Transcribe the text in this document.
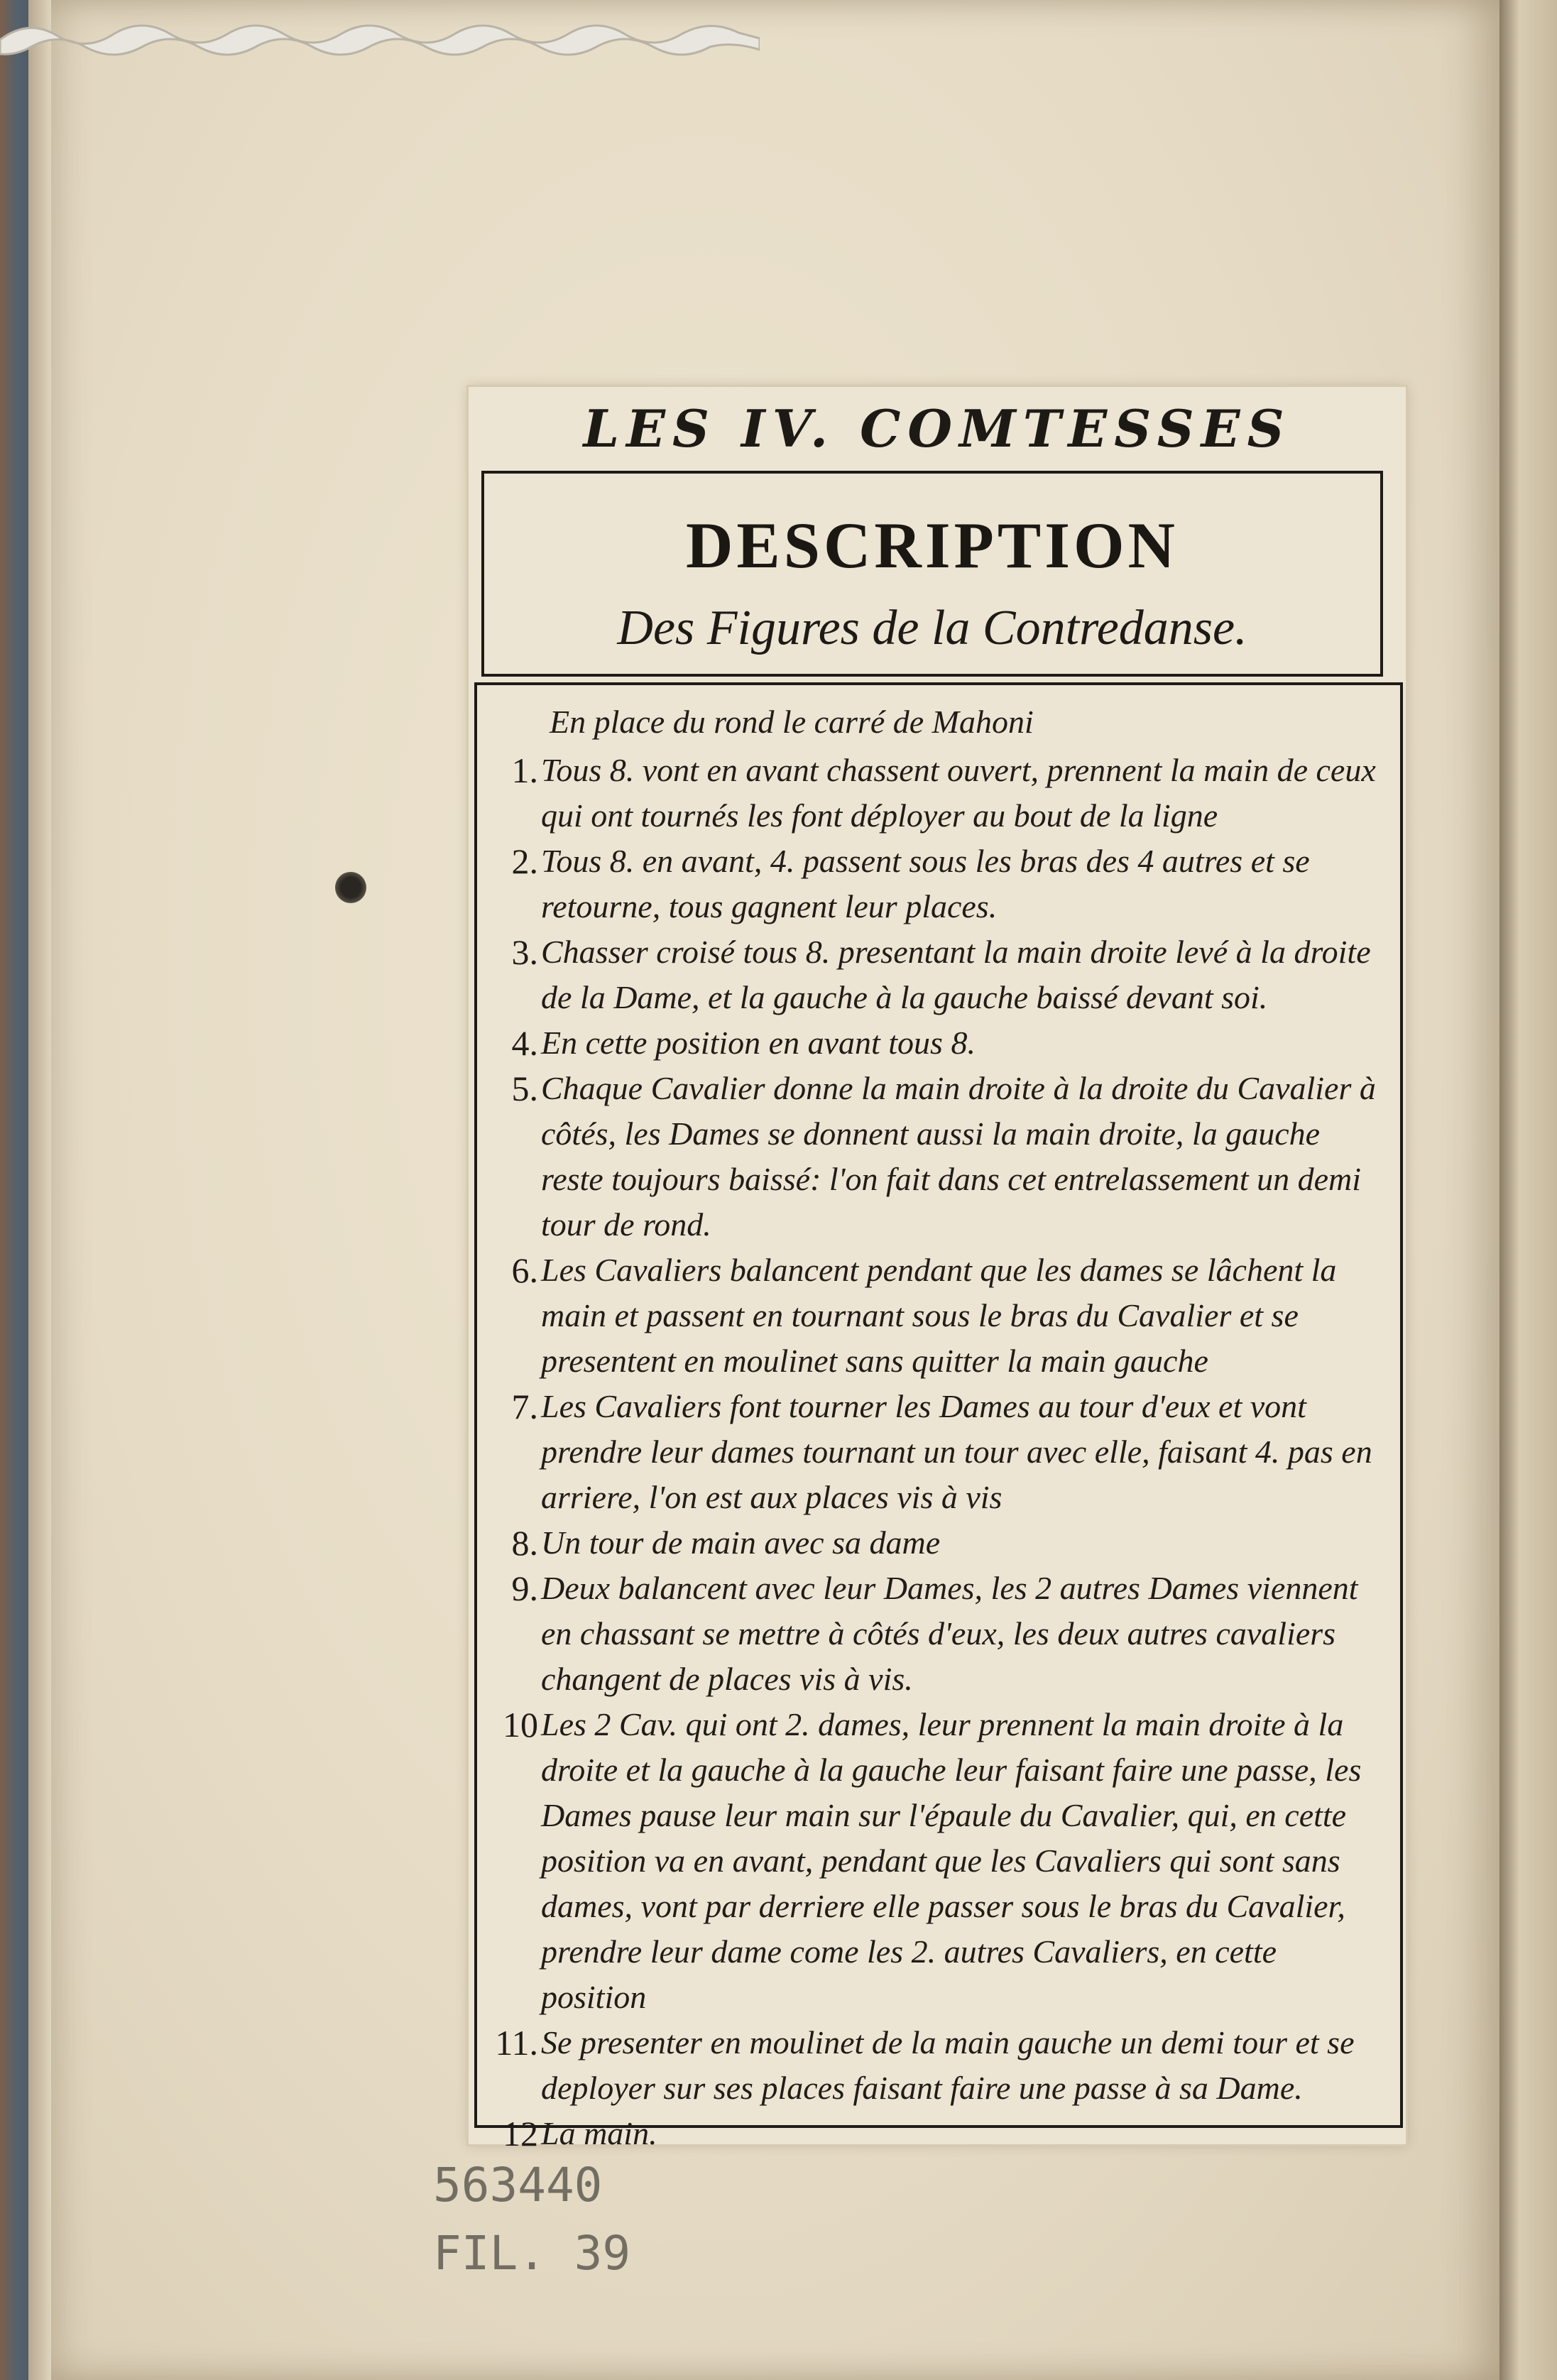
LES IV. COMTESSES
DESCRIPTION
Des Figures de la Contredanse.
En place du rond le carré de Mahoni
1. Tous 8. vont en avant chassent ouvert, prennent la main de ceux qui ont tournés les font déployer au bout de la ligne
2. Tous 8. en avant, 4. passent sous les bras des 4 autres et se retourne, tous gagnent leur places.
3. Chasser croisé tous 8. presentant la main droite levé à la droite de la Dame, et la gauche à la gauche baissé devant soi.
4. En cette position en avant tous 8.
5. Chaque Cavalier donne la main droite à la droite du Cavalier à côtés, les Dames se donnent aussi la main droite, la gauche reste toujours baissé: l'on fait dans cet entrelassement un demi tour de rond.
6. Les Cavaliers balancent pendant que les dames se lâchent la main et passent en tournant sous le bras du Cavalier et se presentent en moulinet sans quitter la main gauche
7. Les Cavaliers font tourner les Dames au tour d'eux et vont prendre leur dames tournant un tour avec elle, faisant 4. pas en arriere, l'on est aux places vis à vis
8. Un tour de main avec sa dame
9. Deux balancent avec leur Dames, les 2 autres Dames viennent en chassant se mettre à côtés d'eux, les deux autres cavaliers changent de places vis à vis.
10 Les 2 Cav. qui ont 2. dames, leur prennent la main droite à la droite et la gauche à la gauche leur faisant faire une passe, les Dames pause leur main sur l'épaule du Cavalier, qui, en cette position va en avant, pendant que les Cavaliers qui sont sans dames, vont par derriere elle passer sous le bras du Cavalier, prendre leur dame come les 2. autres Cavaliers, en cette position
11. Se presenter en moulinet de la main gauche un demi tour et se deployer sur ses places faisant faire une passe à sa Dame.
12 La main.
563440
FIL. 39
